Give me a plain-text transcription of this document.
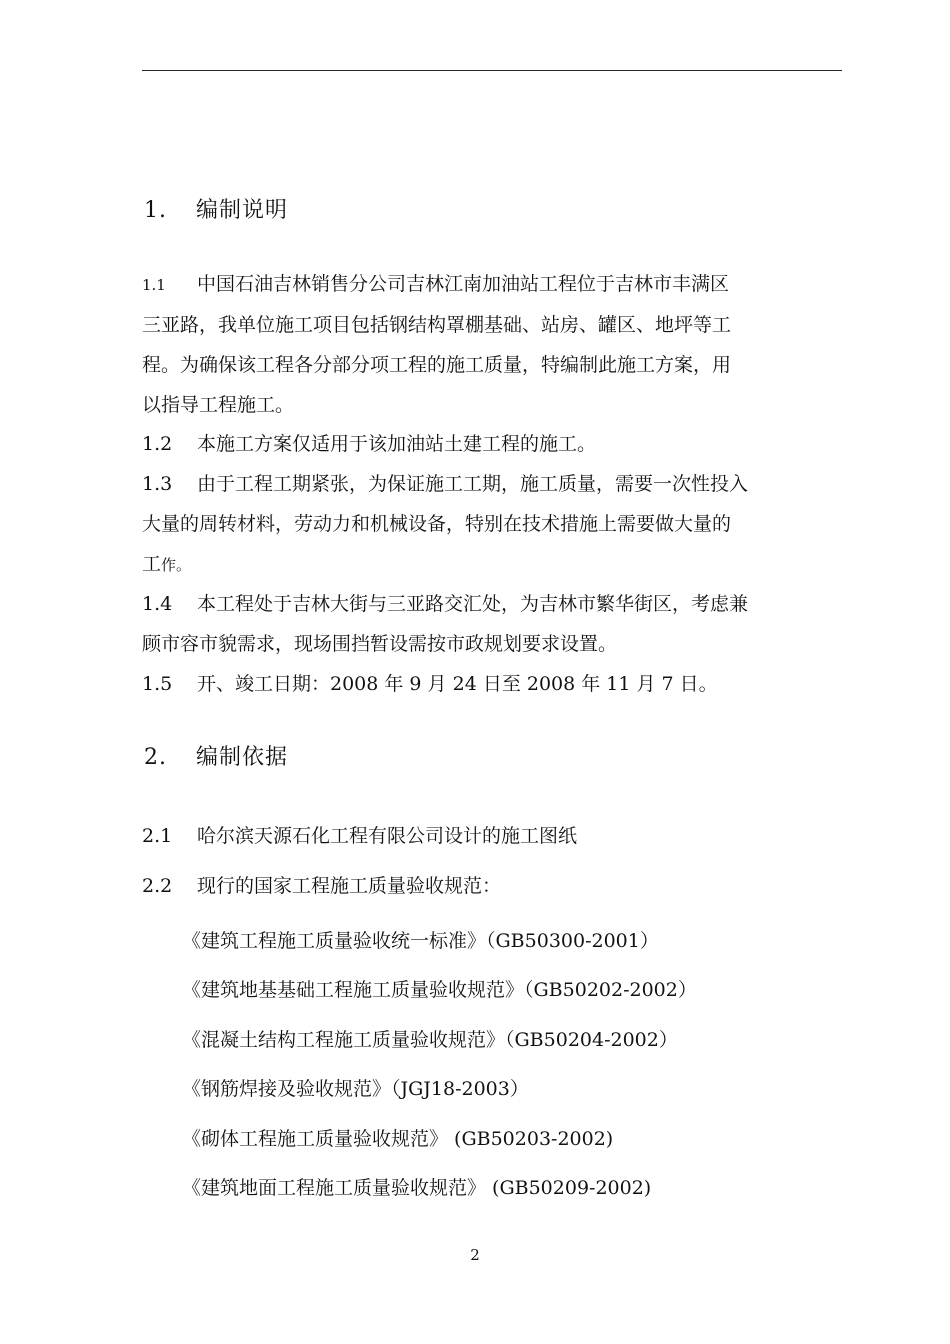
1. 编制说明
1.1 中国石油吉林销售分公司吉林江南加油站工程位于吉林市丰满区
三亚路，我单位施工项目包括钢结构罩棚基础、站房、罐区、地坪等工
程。为确保该工程各分部分项工程的施工质量，特编制此施工方案，用
以指导工程施工。
1.2 本施工方案仅适用于该加油站土建工程的施工。
1.3 由于工程工期紧张，为保证施工工期，施工质量，需要一次性投入
大量的周转材料，劳动力和机械设备，特别在技术措施上需要做大量的
工作。
1.4 本工程处于吉林大街与三亚路交汇处，为吉林市繁华街区，考虑兼
顾市容市貌需求，现场围挡暂设需按市政规划要求设置。
1.5 开、竣工日期：2008 年 9 月 24 日至 2008 年 11 月 7 日。
2. 编制依据
2.1 哈尔滨天源石化工程有限公司设计的施工图纸
2.2 现行的国家工程施工质量验收规范：
《建筑工程施工质量验收统一标准》（GB50300-2001）
《建筑地基基础工程施工质量验收规范》（GB50202-2002）
《混凝土结构工程施工质量验收规范》（GB50204-2002）
《钢筋焊接及验收规范》（JGJ18-2003）
《砌体工程施工质量验收规范》 (GB50203-2002)
《建筑地面工程施工质量验收规范》 (GB50209-2002)
2
